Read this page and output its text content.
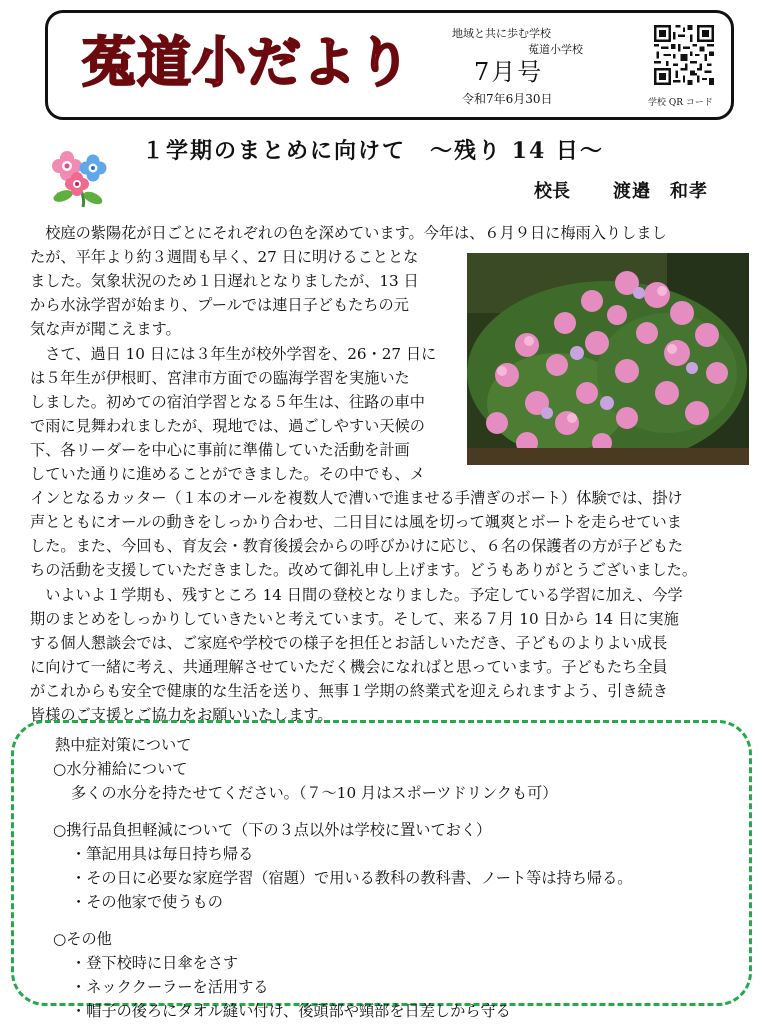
菟道小だより	地域と共に歩む学校
菟道小学校
7月号
令和7年6月30日	学校 QR コード
１学期のまとめに向けて　～残り 14 日～
校長 渡邉　和孝
　校庭の紫陽花が日ごとにそれぞれの色を深めています。今年は、６月９日に梅雨入りしまし
たが、平年より約３週間も早く、27 日に明けることとな
ました。気象状況のため１日遅れとなりましたが、13 日
から水泳学習が始まり、プールでは連日子どもたちの元
気な声が聞こえます。
　さて、過日 10 日には３年生が校外学習を、26・27 日に
は５年生が伊根町、宮津市方面での臨海学習を実施いた
しました。初めての宿泊学習となる５年生は、往路の車中
で雨に見舞われましたが、現地では、過ごしやすい天候の
下、各リーダーを中心に事前に準備していた活動を計画
していた通りに進めることができました。その中でも、メ
インとなるカッター（１本のオールを複数人で漕いで進ませる手漕ぎのボート）体験では、掛け
声とともにオールの動きをしっかり合わせ、二日目には風を切って颯爽とボートを走らせていま
した。また、今回も、育友会・教育後援会からの呼びかけに応じ、６名の保護者の方が子どもた
ちの活動を支援していただきました。改めて御礼申し上げます。どうもありがとうございました。
　いよいよ１学期も、残すところ 14 日間の登校となりました。予定している学習に加え、今学
期のまとめをしっかりしていきたいと考えています。そして、来る７月 10 日から 14 日に実施
する個人懇談会では、ご家庭や学校での様子を担任とお話しいただき、子どものよりよい成長
に向けて一緒に考え、共通理解させていただく機会になればと思っています。子どもたち全員
がこれからも安全で健康的な生活を送り、無事１学期の終業式を迎えられますよう、引き続き
皆様のご支援とご協力をお願いいたします。
熱中症対策について
○水分補給について
多くの水分を持たせてください。（７～10 月はスポーツドリンクも可）
○携行品負担軽減について（下の３点以外は学校に置いておく）
・筆記用具は毎日持ち帰る
・その日に必要な家庭学習（宿題）で用いる教科の教科書、ノート等は持ち帰る。
・その他家で使うもの
○その他
・登下校時に日傘をさす
・ネッククーラーを活用する
・帽子の後ろにタオル縫い付け、後頭部や頸部を日差しから守る
